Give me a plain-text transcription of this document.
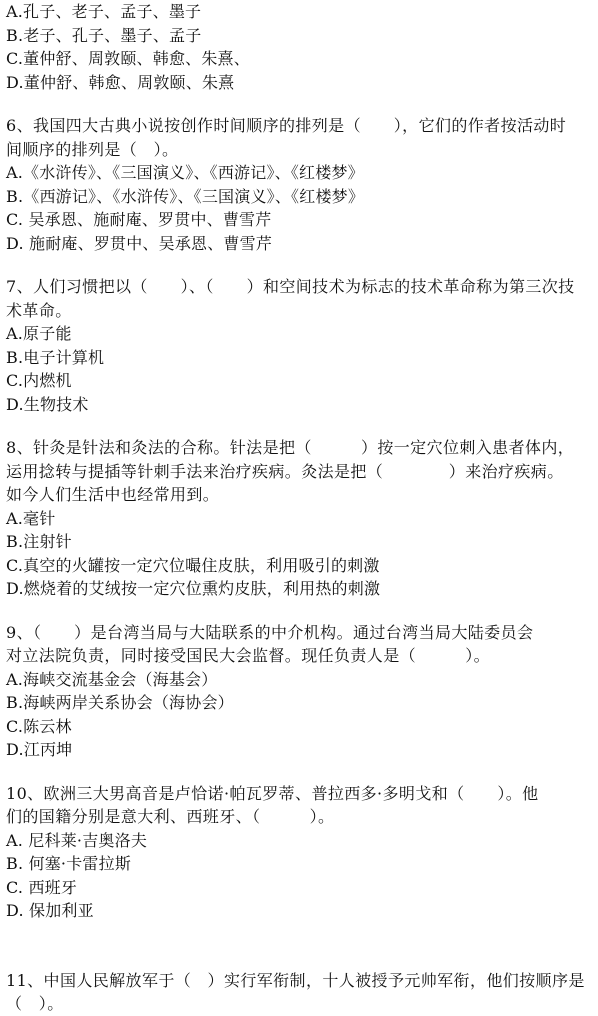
A.孔子、老子、孟子、墨子
B.老子、孔子、墨子、孟子
C.董仲舒、周敦颐、韩愈、朱熹、
D.董仲舒、韩愈、周敦颐、朱熹
6、我国四大古典小说按创作时间顺序的排列是（　　），它们的作者按活动时
间顺序的排列是（　）。
A.《水浒传》、《三国演义》、《西游记》、《红楼梦》
B.《西游记》、《水浒传》、《三国演义》、《红楼梦》
C. 吴承恩、施耐庵、罗贯中、曹雪芹
D. 施耐庵、罗贯中、吴承恩、曹雪芹
7、人们习惯把以（　　）、（　　）和空间技术为标志的技术革命称为第三次技
术革命。
A.原子能
B.电子计算机
C.内燃机
D.生物技术
8、针灸是针法和灸法的合称。针法是把（　　　）按一定穴位刺入患者体内，
运用捻转与提插等针刺手法来治疗疾病。灸法是把（　　　　）来治疗疾病。
如今人们生活中也经常用到。
A.毫针
B.注射针
C.真空的火罐按一定穴位嘬住皮肤，利用吸引的刺激
D.燃烧着的艾绒按一定穴位熏灼皮肤，利用热的刺激
9、（　　）是台湾当局与大陆联系的中介机构。通过台湾当局大陆委员会
对立法院负责，同时接受国民大会监督。现任负责人是（　　　）。
A.海峡交流基金会（海基会）
B.海峡两岸关系协会（海协会）
C.陈云林
D.江丙坤
10、欧洲三大男高音是卢恰诺·帕瓦罗蒂、普拉西多·多明戈和（　　）。他
们的国籍分别是意大利、西班牙、（　　　）。
A. 尼科莱·吉奥洛夫
B. 何塞·卡雷拉斯
C. 西班牙
D. 保加利亚
11、中国人民解放军于（　）实行军衔制，十人被授予元帅军衔，他们按顺序是
（　）。
